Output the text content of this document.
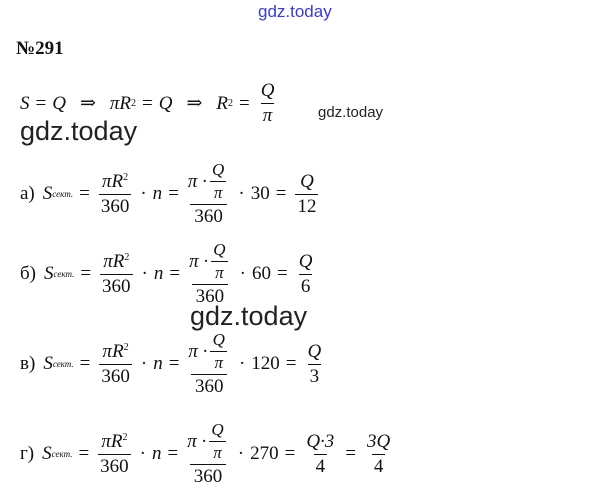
gdz.today
gdz.today
gdz.today
gdz.today
№291
S = Q ⇒ πR 2 = Q ⇒ R $2 = \frac{Q}{\pi}$
а) S сект. = $\frac{\pi R^2}{360} \cdot n = \frac{\pi \cdot \frac{Q}{\pi}}{360} \cdot 30 = \frac{Q}{12}$
б) S сект. = $\frac{\pi R^2}{360} \cdot n = \frac{\pi \cdot \frac{Q}{\pi}}{360} \cdot 60 = \frac{Q}{6}$
в) S сект. = $\frac{\pi R^2}{360} \cdot n = \frac{\pi \cdot \frac{Q}{\pi}}{360} \cdot 120 = \frac{Q}{3}$
г) S сект. = $\frac{\pi R^2}{360} \cdot n = \frac{\pi \cdot \frac{Q}{\pi}}{360} \cdot 270 = \frac{Q\cdot 3}{4} = \frac{3Q}{4}$
